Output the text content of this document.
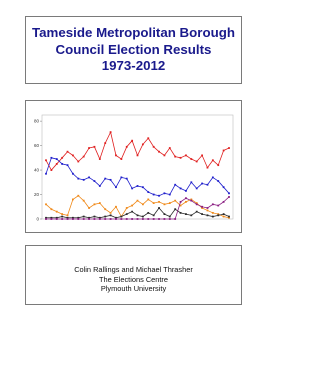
Tameside Metropolitan Borough
Council Election Results
1973-2012
0
20
40
60
80
Colin Rallings and Michael Thrasher
The Elections Centre
Plymouth University
